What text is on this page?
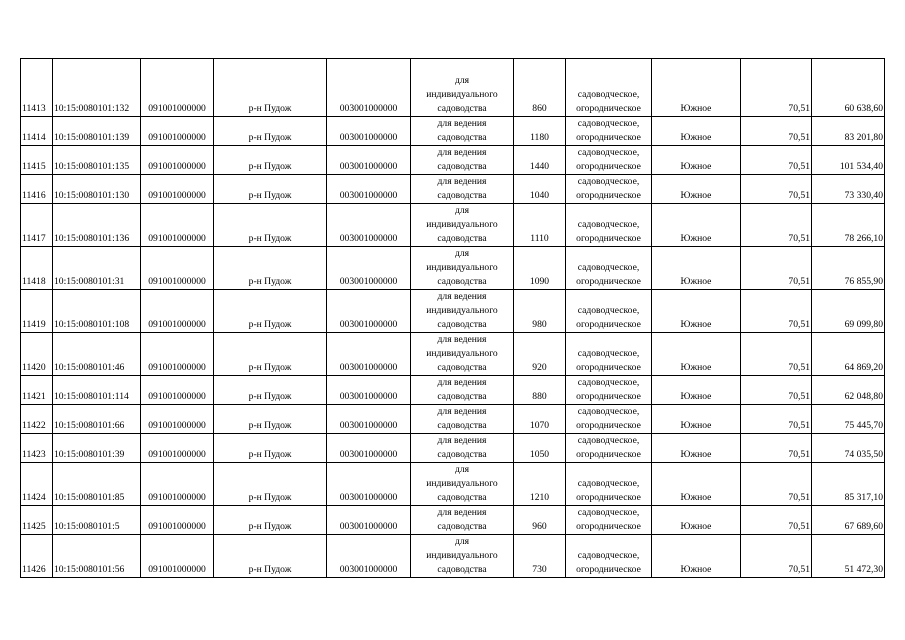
11413	10:15:0080101:132	091001000000	р-н Пудож	003001000000	для
индивидуального
садоводства	860	садоводческое,
огородническое	Южное	70,51	60 638,60
11414	10:15:0080101:139	091001000000	р-н Пудож	003001000000	для ведения
садоводства	1180	садоводческое,
огородническое	Южное	70,51	83 201,80
11415	10:15:0080101:135	091001000000	р-н Пудож	003001000000	для ведения
садоводства	1440	садоводческое,
огородническое	Южное	70,51	101 534,40
11416	10:15:0080101:130	091001000000	р-н Пудож	003001000000	для ведения
садоводства	1040	садоводческое,
огородническое	Южное	70,51	73 330,40
11417	10:15:0080101:136	091001000000	р-н Пудож	003001000000	для
индивидуального
садоводства	1110	садоводческое,
огородническое	Южное	70,51	78 266,10
11418	10:15:0080101:31	091001000000	р-н Пудож	003001000000	для
индивидуального
садоводства	1090	садоводческое,
огородническое	Южное	70,51	76 855,90
11419	10:15:0080101:108	091001000000	р-н Пудож	003001000000	для ведения
индивидуального
садоводства	980	садоводческое,
огородническое	Южное	70,51	69 099,80
11420	10:15:0080101:46	091001000000	р-н Пудож	003001000000	для ведения
индивидуального
садоводства	920	садоводческое,
огородническое	Южное	70,51	64 869,20
11421	10:15:0080101:114	091001000000	р-н Пудож	003001000000	для ведения
садоводства	880	садоводческое,
огородническое	Южное	70,51	62 048,80
11422	10:15:0080101:66	091001000000	р-н Пудож	003001000000	для ведения
садоводства	1070	садоводческое,
огородническое	Южное	70,51	75 445,70
11423	10:15:0080101:39	091001000000	р-н Пудож	003001000000	для ведения
садоводства	1050	садоводческое,
огородническое	Южное	70,51	74 035,50
11424	10:15:0080101:85	091001000000	р-н Пудож	003001000000	для
индивидуального
садоводства	1210	садоводческое,
огородническое	Южное	70,51	85 317,10
11425	10:15:0080101:5	091001000000	р-н Пудож	003001000000	для ведения
садоводства	960	садоводческое,
огородническое	Южное	70,51	67 689,60
11426	10:15:0080101:56	091001000000	р-н Пудож	003001000000	для
индивидуального
садоводства	730	садоводческое,
огородническое	Южное	70,51	51 472,30
